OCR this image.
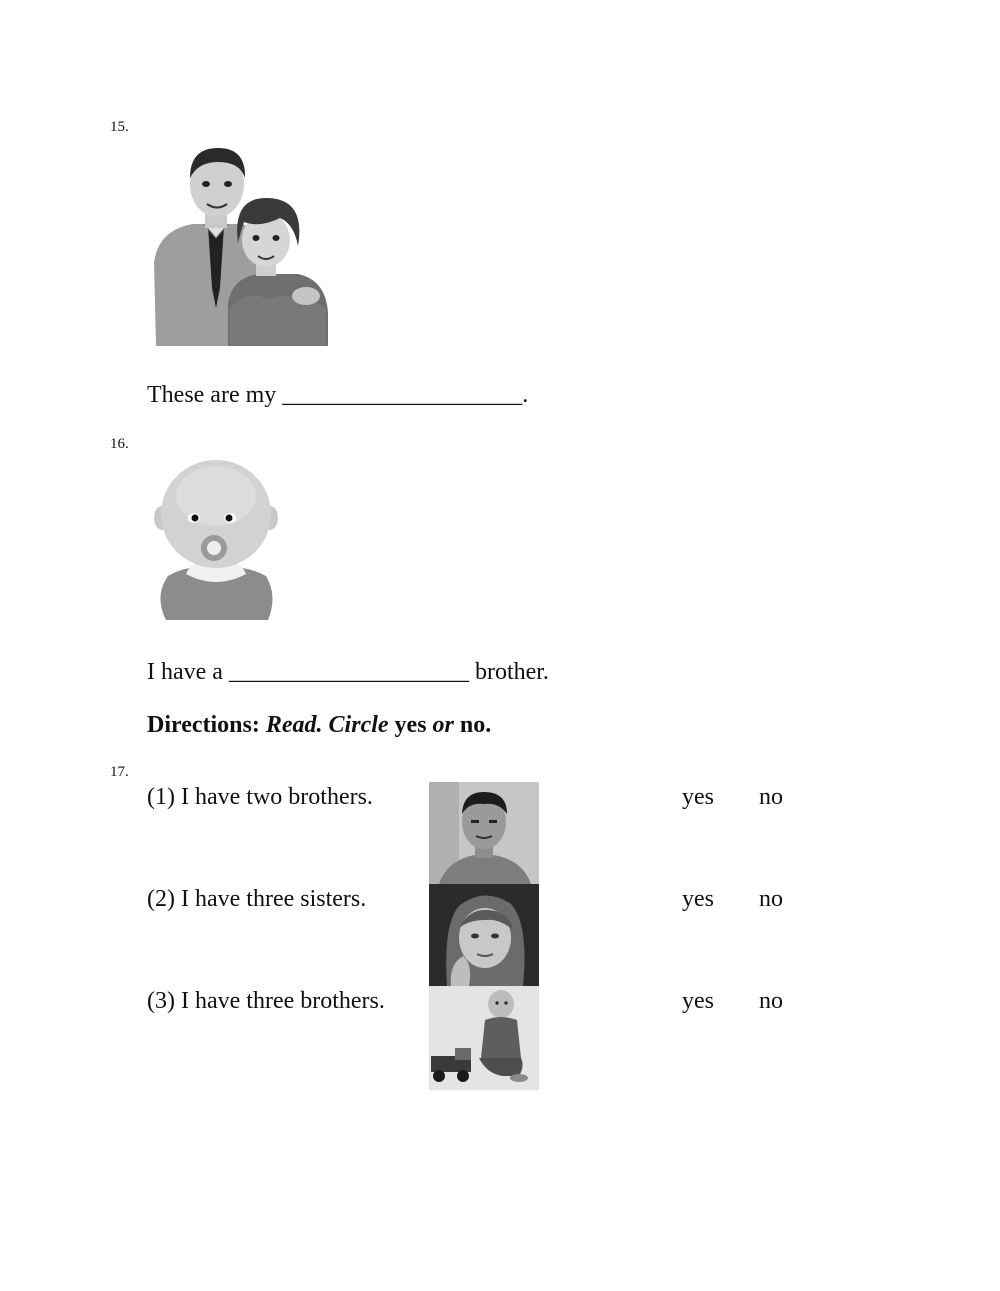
15.
These are my ____________________.
16.
I have a ____________________ brother.
Directions: Read. Circle yes or no.
17.
(1) I have two brothers.	yes no
(2) I have three sisters.	yes no
(3) I have three brothers.	yes no
